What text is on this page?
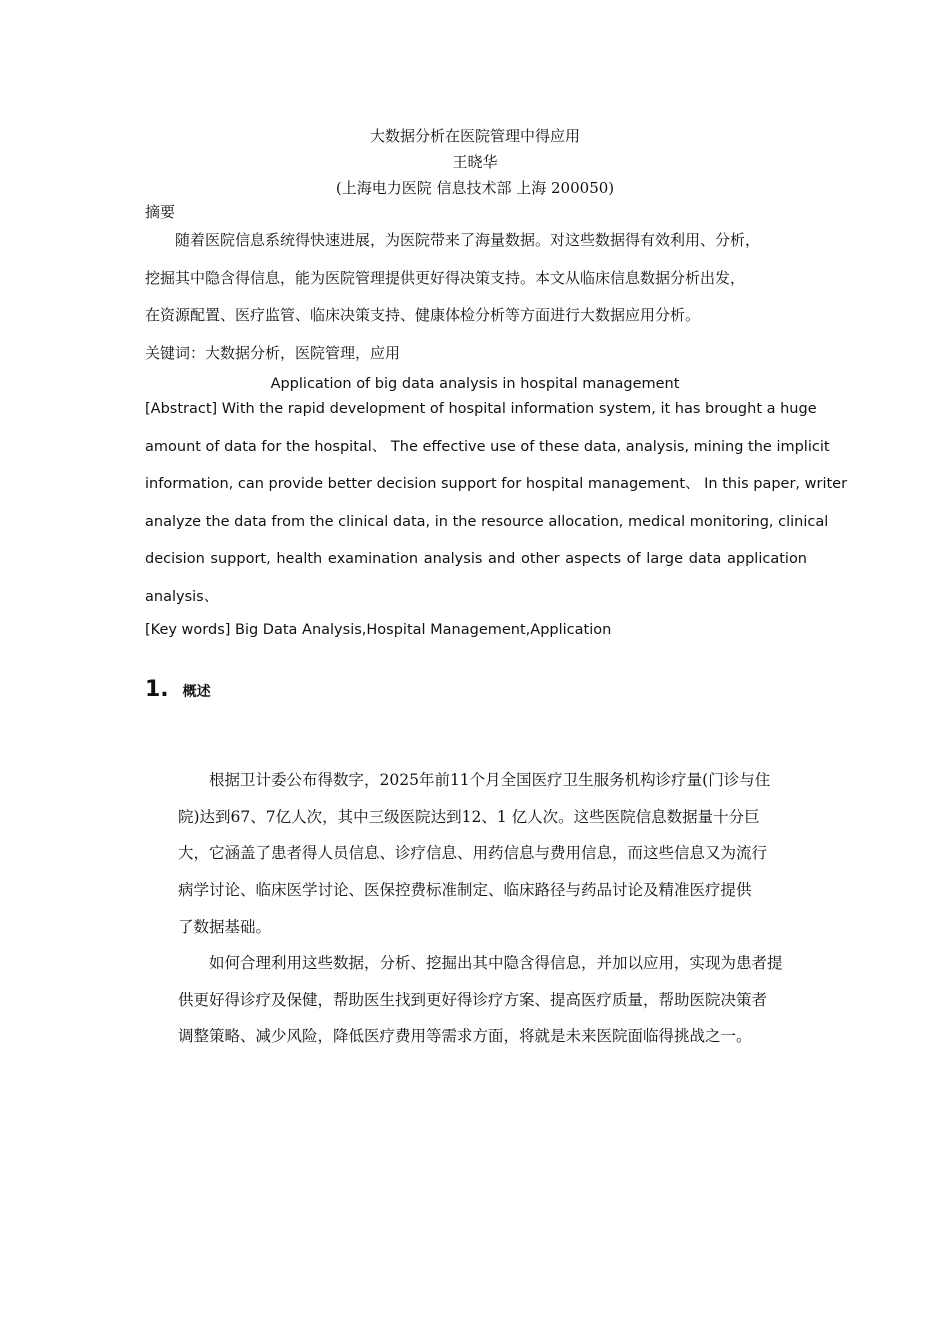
大数据分析在医院管理中得应用
王晓华
(上海电力医院 信息技术部 上海 200050)
摘要

随着医院信息系统得快速进展，为医院带来了海量数据。对这些数据得有效利用、分析，

挖掘其中隐含得信息，能为医院管理提供更好得决策支持。本文从临床信息数据分析出发，

在资源配置、医疗监管、临床决策支持、健康体检分析等方面进行大数据应用分析。

关键词：大数据分析，医院管理，应用
Application of big data analysis in hospital management
[Abstract] With the rapid development of hospital information system, it has brought a huge
amount of data for the hospital、 The effective use of these data, analysis, mining the implicit
information, can provide better decision support for hospital management、 In this paper, writer
analyze the data from the clinical data, in the resource allocation, medical monitoring, clinical
decision support, health examination analysis and other aspects of large data application
analysis、
[Key words] Big Data Analysis,Hospital Management,Application
1. 概述
根据卫计委公布得数字，2025年前11个月全国医疗卫生服务机构诊疗量(门诊与住
院)达到67、7亿人次，其中三级医院达到12、1 亿人次。这些医院信息数据量十分巨
大，它涵盖了患者得人员信息、诊疗信息、用药信息与费用信息，而这些信息又为流行
病学讨论、临床医学讨论、医保控费标准制定、临床路径与药品讨论及精准医疗提供
了数据基础。
如何合理利用这些数据，分析、挖掘出其中隐含得信息，并加以应用，实现为患者提
供更好得诊疗及保健，帮助医生找到更好得诊疗方案、提高医疗质量，帮助医院决策者
调整策略、减少风险，降低医疗费用等需求方面，将就是未来医院面临得挑战之一。
